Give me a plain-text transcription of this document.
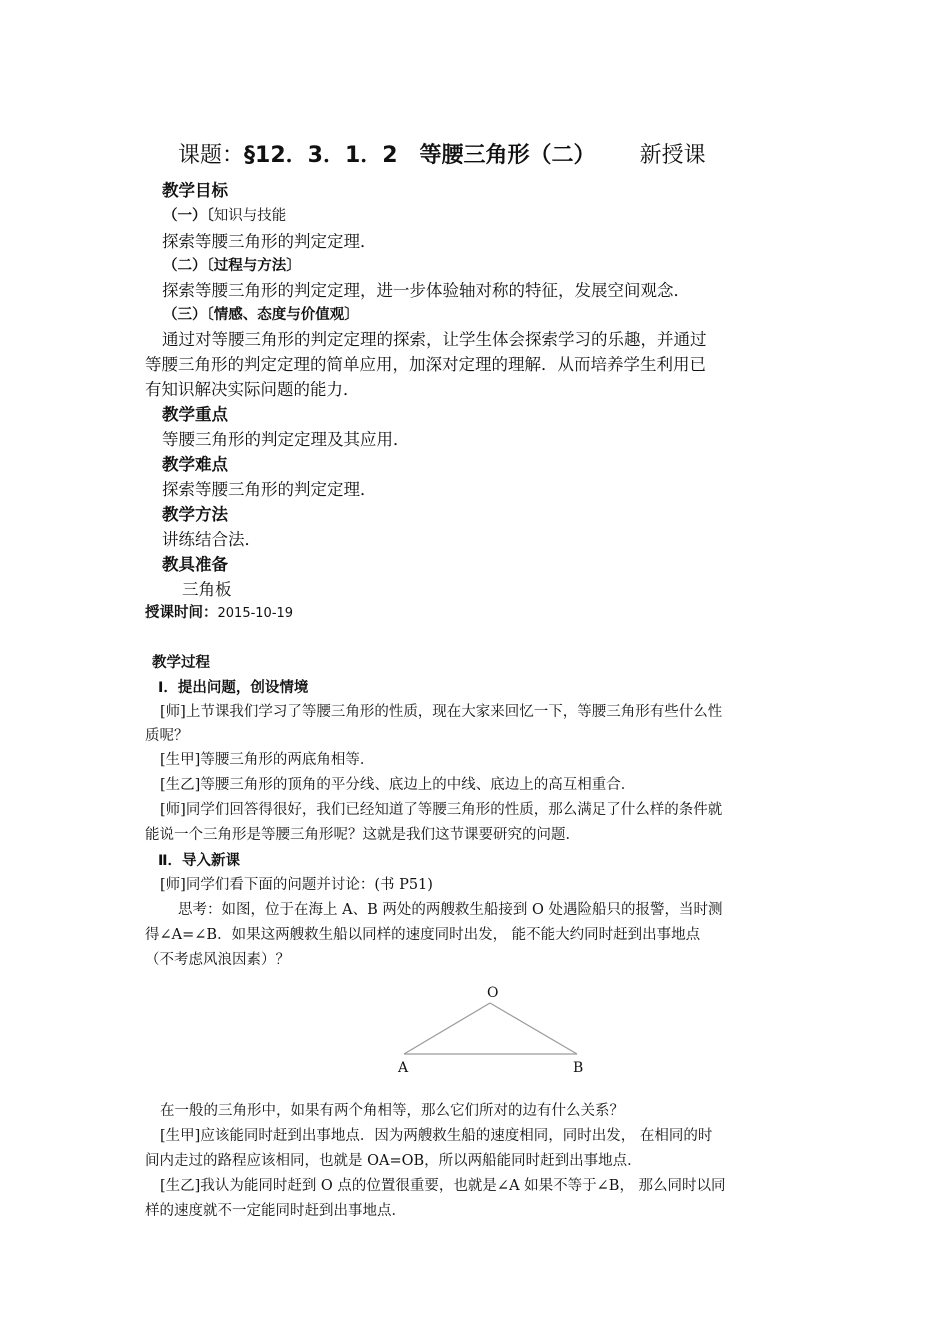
课题：§12．3．1．2　等腰三角形（二） 新授课
教学目标
（一）〔知识与技能
探索等腰三角形的判定定理．
（二）〔过程与方法〕
探索等腰三角形的判定定理，进一步体验轴对称的特征，发展空间观念．
（三）〔情感、态度与价值观〕
通过对等腰三角形的判定定理的探索，让学生体会探索学习的乐趣，并通过
等腰三角形的判定定理的简单应用，加深对定理的理解．从而培养学生利用已
有知识解决实际问题的能力．
教学重点
等腰三角形的判定定理及其应用．
教学难点
探索等腰三角形的判定定理．
教学方法
讲练结合法．
教具准备
三角板
授课时间：2015-10-19
教学过程
Ⅰ．提出问题，创设情境
[师]上节课我们学习了等腰三角形的性质，现在大家来回忆一下，等腰三角形有些什么性
质呢？
[生甲]等腰三角形的两底角相等．
[生乙]等腰三角形的顶角的平分线、底边上的中线、底边上的高互相重合．
[师]同学们回答得很好，我们已经知道了等腰三角形的性质，那么满足了什么样的条件就
能说一个三角形是等腰三角形呢？这就是我们这节课要研究的问题．
Ⅱ．导入新课
[师]同学们看下面的问题并讨论：(书 P51)
思考：如图，位于在海上 A、B 两处的两艘救生船接到 O 处遇险船只的报警，当时测
得∠A=∠B．如果这两艘救生船以同样的速度同时出发， 能不能大约同时赶到出事地点
（不考虑风浪因素）？
O
A	B
在一般的三角形中，如果有两个角相等，那么它们所对的边有什么关系？
[生甲]应该能同时赶到出事地点．因为两艘救生船的速度相同，同时出发， 在相同的时
间内走过的路程应该相同，也就是 OA=OB，所以两船能同时赶到出事地点．
[生乙]我认为能同时赶到 O 点的位置很重要，也就是∠A 如果不等于∠B， 那么同时以同
样的速度就不一定能同时赶到出事地点．
